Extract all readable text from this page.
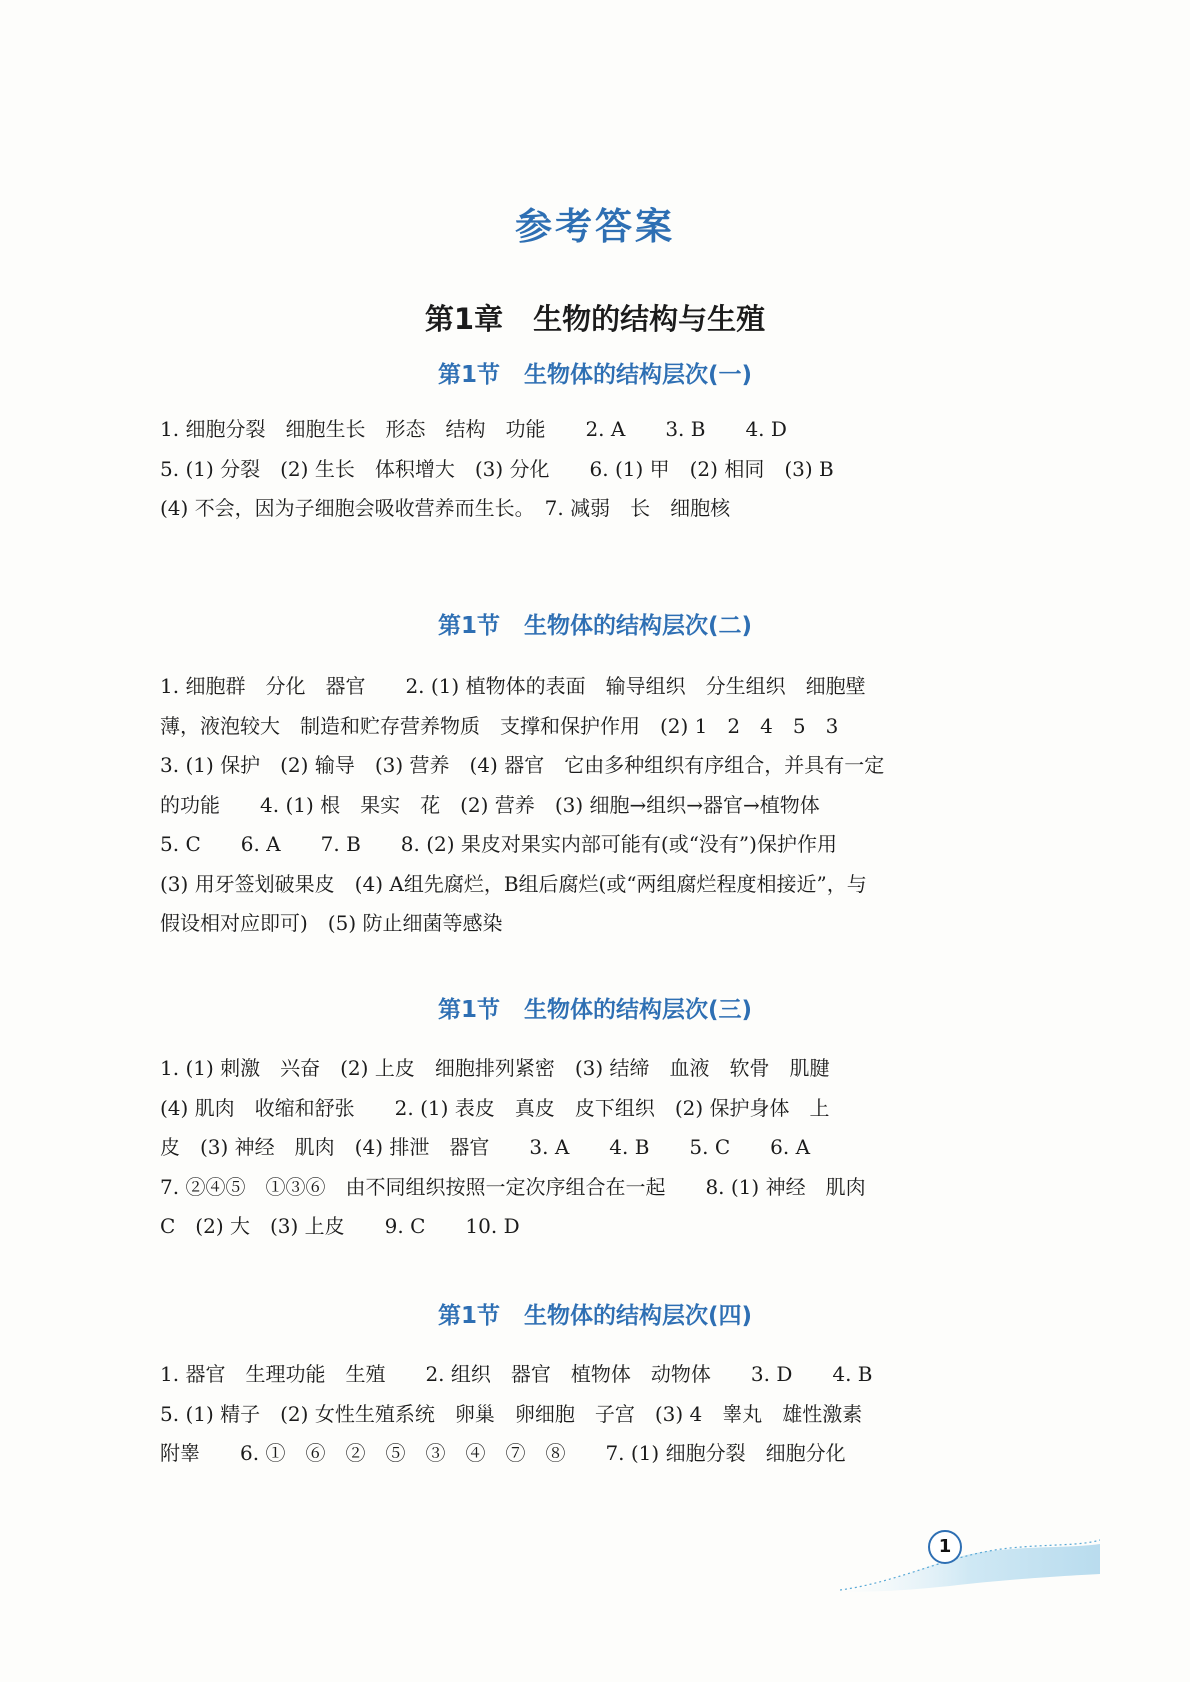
参考答案
第1章 生物的结构与生殖
第1节 生物体的结构层次(一)
1. 细胞分裂　细胞生长　形态　结构　功能　　2. A　　3. B　　4. D
5. (1) 分裂　(2) 生长　体积增大　(3) 分化　　6. (1) 甲　(2) 相同　(3) B
(4) 不会，因为子细胞会吸收营养而生长。　7. 减弱　长　细胞核
第1节 生物体的结构层次(二)
1. 细胞群　分化　器官　　2. (1) 植物体的表面　输导组织　分生组织　细胞壁
薄，液泡较大　制造和贮存营养物质　支撑和保护作用　(2) 1　2　4　5　3
3. (1) 保护　(2) 输导　(3) 营养　(4) 器官　它由多种组织有序组合，并具有一定
的功能　　4. (1) 根　果实　花　(2) 营养　(3) 细胞→组织→器官→植物体
5. C　　6. A　　7. B　　8. (2) 果皮对果实内部可能有(或“没有”)保护作用
(3) 用牙签划破果皮　(4) A组先腐烂，B组后腐烂(或“两组腐烂程度相接近”，与
假设相对应即可)　(5) 防止细菌等感染
第1节 生物体的结构层次(三)
1. (1) 刺激　兴奋　(2) 上皮　细胞排列紧密　(3) 结缔　血液　软骨　肌腱
(4) 肌肉　收缩和舒张　　2. (1) 表皮　真皮　皮下组织　(2) 保护身体　上
皮　(3) 神经　肌肉　(4) 排泄　器官　　3. A　　4. B　　5. C　　6. A
7. ②④⑤　①③⑥　由不同组织按照一定次序组合在一起　　8. (1) 神经　肌肉
C　(2) 大　(3) 上皮　　9. C　　10. D
第1节 生物体的结构层次(四)
1. 器官　生理功能　生殖　　2. 组织　器官　植物体　动物体　　3. D　　4. B
5. (1) 精子　(2) 女性生殖系统　卵巢　卵细胞　子宫　(3) 4　睾丸　雄性激素
附睾　　6. ①　⑥　②　⑤　③　④　⑦　⑧　　7. (1) 细胞分裂　细胞分化
1
